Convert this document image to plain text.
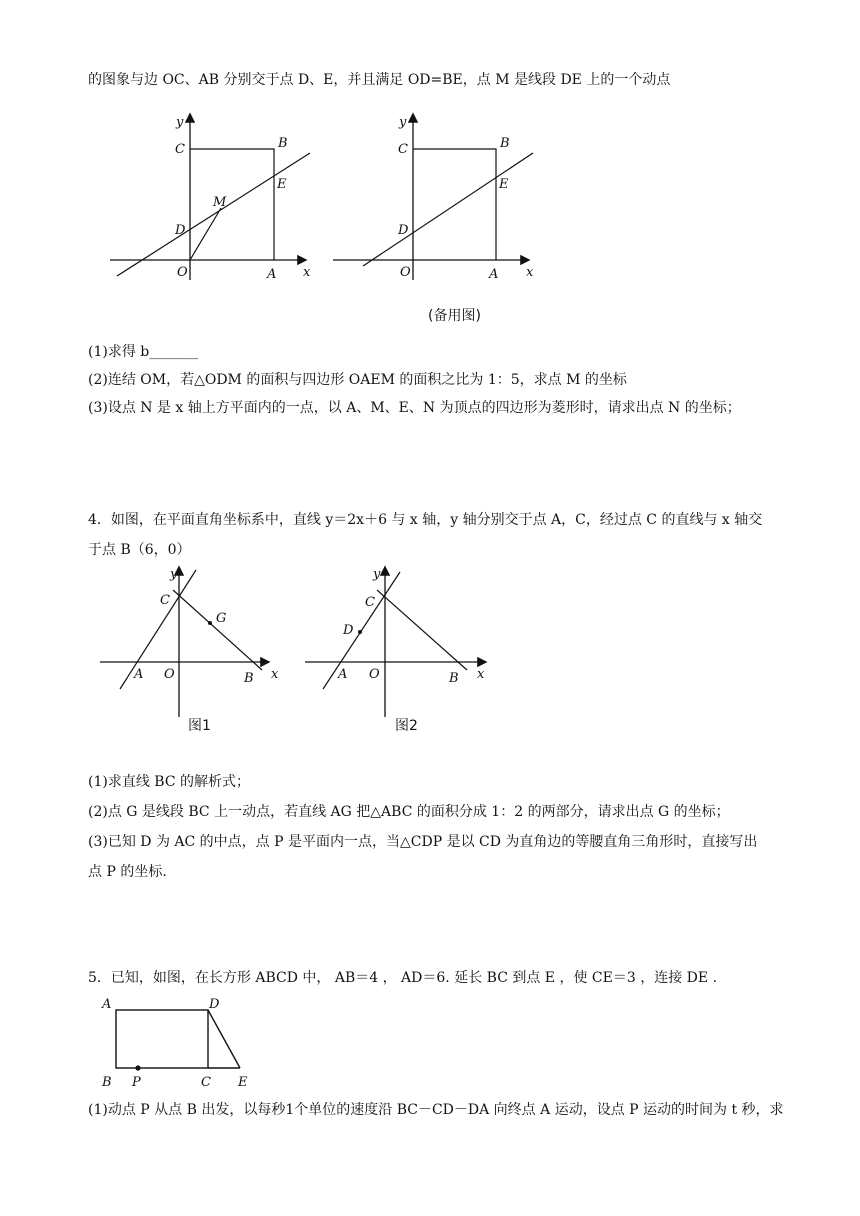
的图象与边 OC、AB 分别交于点 D、E，并且满足 OD=BE，点 M 是线段 DE 上的一个动点
y
x
C	B
E
D
M
O	A
y
x
C	B
E
D
O	A
(备用图)
(1)求得 b_______
(2)连结 OM，若△ODM 的面积与四边形 OAEM 的面积之比为 1：5，求点 M 的坐标
(3)设点 N 是 x 轴上方平面内的一点，以 A、M、E、N 为顶点的四边形为菱形时，请求出点 N 的坐标；
4．如图，在平面直角坐标系中，直线 y＝2x＋6 与 x 轴，y 轴分别交于点 A，C，经过点 C 的直线与 x 轴交
于点 B（6，0）
y
C
G
A O	B x
图1
y
C
D
A O	B x
图2
(1)求直线 BC 的解析式；
(2)点 G 是线段 BC 上一动点，若直线 AG 把△ABC 的面积分成 1：2 的两部分，请求出点 G 的坐标；
(3)已知 D 为 AC 的中点，点 P 是平面内一点，当△CDP 是以 CD 为直角边的等腰直角三角形时，直接写出
点 P 的坐标.
5．已知，如图，在长方形 ABCD 中， AB＝4 ， AD＝6. 延长 BC 到点 E ，使 CE＝3 ，连接 DE .
A	D
B P	C E
(1)动点 P 从点 B 出发，以每秒1个单位的速度沿 BC－CD－DA 向终点 A 运动，设点 P 运动的时间为 t 秒，求
